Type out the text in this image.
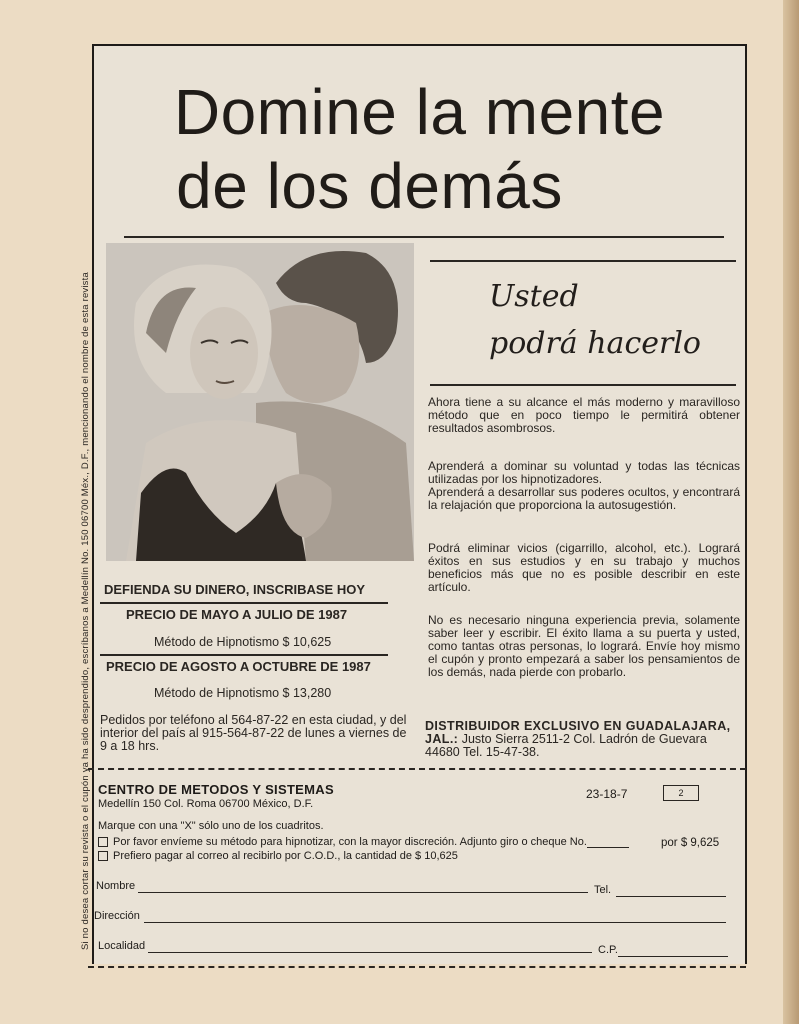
Si no desea cortar su revista o el cupón ya ha sido desprendido, escríbanos a Medellín No. 150 06700 Méx., D.F., mencionando el nombre de esta revista
Domine la mente
de los demás
Usted
podrá hacerlo
Ahora tiene a su alcance el más moderno y maravilloso método que en poco tiempo le permitirá obtener resultados asombrosos.
Aprenderá a dominar su voluntad y todas las técnicas utilizadas por los hipnotizadores.
Aprenderá a desarrollar sus poderes ocultos, y encontrará la relajación que proporciona la autosugestión.
Podrá eliminar vicios (cigarrillo, alcohol, etc.). Logrará éxitos en sus estudios y en su trabajo y muchos beneficios más que no es posible describir en este artículo.
No es necesario ninguna experiencia previa, solamente saber leer y escribir. El éxito llama a su puerta y usted, como tantas otras personas, lo logrará. Envíe hoy mismo el cupón y pronto empezará a saber los pensamientos de los demás, nada pierde con probarlo.
DEFIENDA SU DINERO, INSCRIBASE HOY
PRECIO DE MAYO A JULIO DE 1987
Método de Hipnotismo $ 10,625
PRECIO DE AGOSTO A OCTUBRE DE 1987
Método de Hipnotismo $ 13,280
Pedidos por teléfono al 564-87-22 en esta ciudad, y del interior del país al 915-564-87-22 de lunes a viernes de 9 a 18 hrs.
DISTRIBUIDOR EXCLUSIVO EN GUADALAJARA, JAL.: Justo Sierra 2511-2 Col. Ladrón de Guevara 44680 Tel. 15-47-38.
CENTRO DE METODOS Y SISTEMAS
Medellín 150 Col. Roma 06700 México, D.F.
23-18-7	2
Marque con una "X" sólo uno de los cuadritos.
Por favor envíeme su método para hipnotizar, con la mayor discreción. Adjunto giro o cheque No.	por $ 9,625
Prefiero pagar al correo al recibirlo por C.O.D., la cantidad de $ 10,625
Nombre	Tel.
Dirección
Localidad	C.P.
